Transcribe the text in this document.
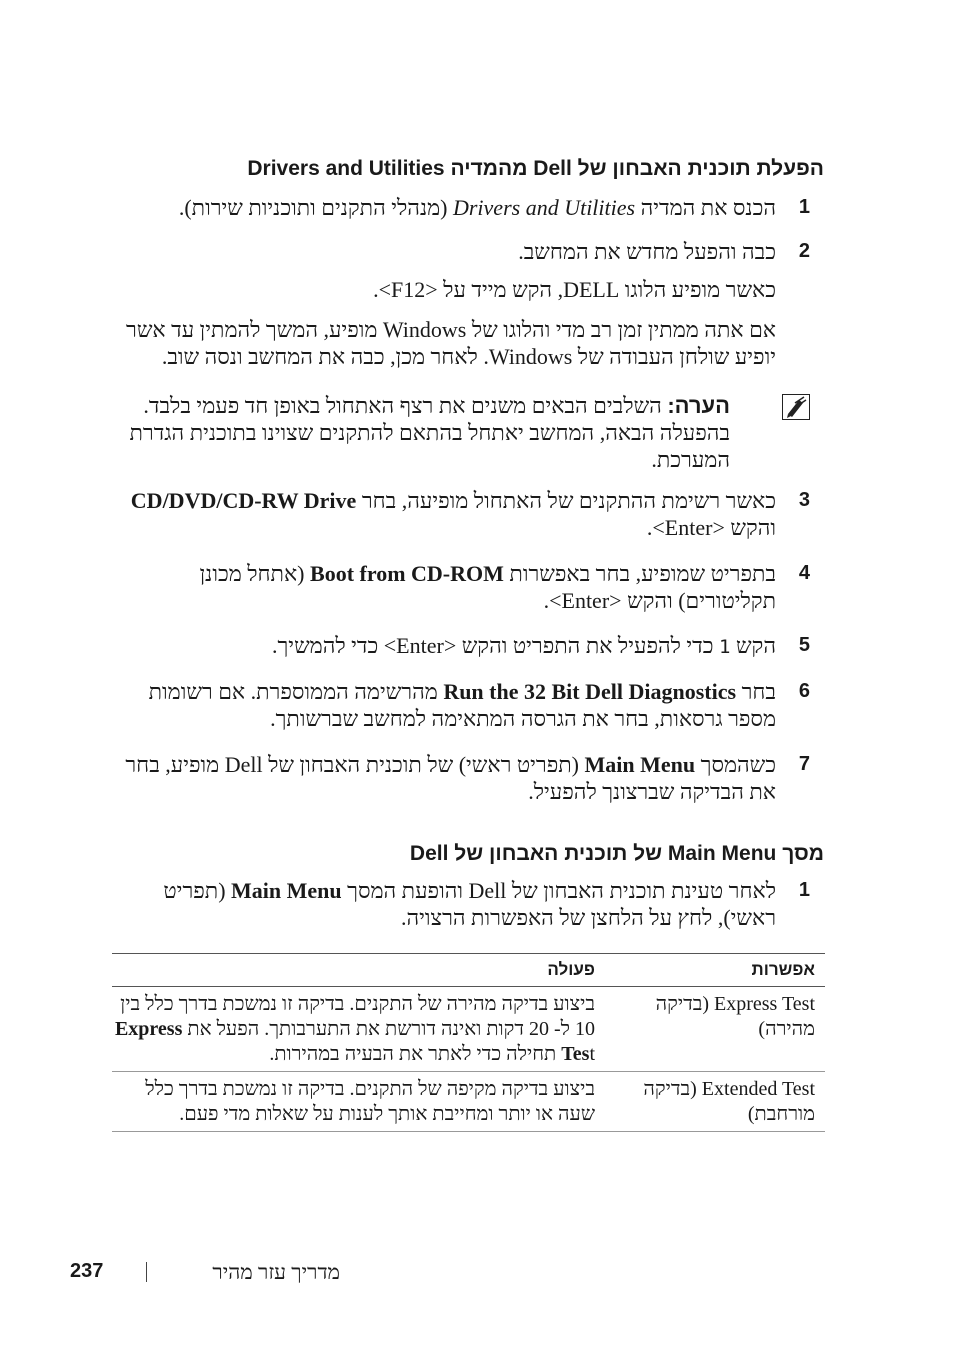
הפעלת תוכנית האבחון של Dell מהמדיה Drivers and Utilities
1
הכנס את המדיה Drivers and Utilities (מנהלי התקנים ותוכניות שירות).
2
כבה והפעל מחדש את המחשב.
כאשר מופיע הלוגו DELL, הקש מייד על <F12>.
אם אתה ממתין זמן רב מדי והלוגו של Windows מופיע, המשך להמתין עד אשר יופיע שולחן העבודה של Windows. לאחר מכן, כבה את המחשב ונסה שוב.
הערה: השלבים הבאים משנים את רצף האתחול באופן חד פעמי בלבד. בהפעלה הבאה, המחשב יאתחל בהתאם להתקנים שצוינו בתוכנית הגדרת המערכת.
3
כאשר רשימת ההתקנים של האתחול מופיעה, בחר CD/DVD/CD-RW Drive והקש <Enter>.
4
בתפריט שמופיע, בחר באפשרות Boot from CD-ROM (אתחל מכונן תקליטורים) והקש <Enter>.
5
הקש 1 כדי להפעיל את התפריט והקש <Enter> כדי להמשיך.
6
בחר Run the 32 Bit Dell Diagnostics מהרשימה הממוספרת. אם רשומות מספר גרסאות, בחר את הגרסה המתאימה למחשב שברשותך.
7
כשהמסך Main Menu (תפריט ראשי) של תוכנית האבחון של Dell מופיע, בחר את הבדיקה שברצונך להפעיל.
מסך Main Menu של תוכנית האבחון של Dell
1
לאחר טעינת תוכנית האבחון של Dell והופעת המסך Main Menu (תפריט ראשי), לחץ על הלחצן של האפשרות הרצויה.
אפשרות	פעולה
Express Test (בדיקה מהירה)	ביצוע בדיקה מהירה של התקנים. בדיקה זו נמשכת בדרך כלל בין 10 ל- 20 דקות ואינה דורשת את התערבותך. הפעל את Express Test תחילה כדי לאתר את הבעיה במהירות.
Extended Test (בדיקה מורחבת)	ביצוע בדיקה מקיפה של התקנים. בדיקה זו נמשכת בדרך כלל שעה או יותר ומחייבת אותך לענות על שאלות מדי פעם.
237	מדריך עזר מהיר
